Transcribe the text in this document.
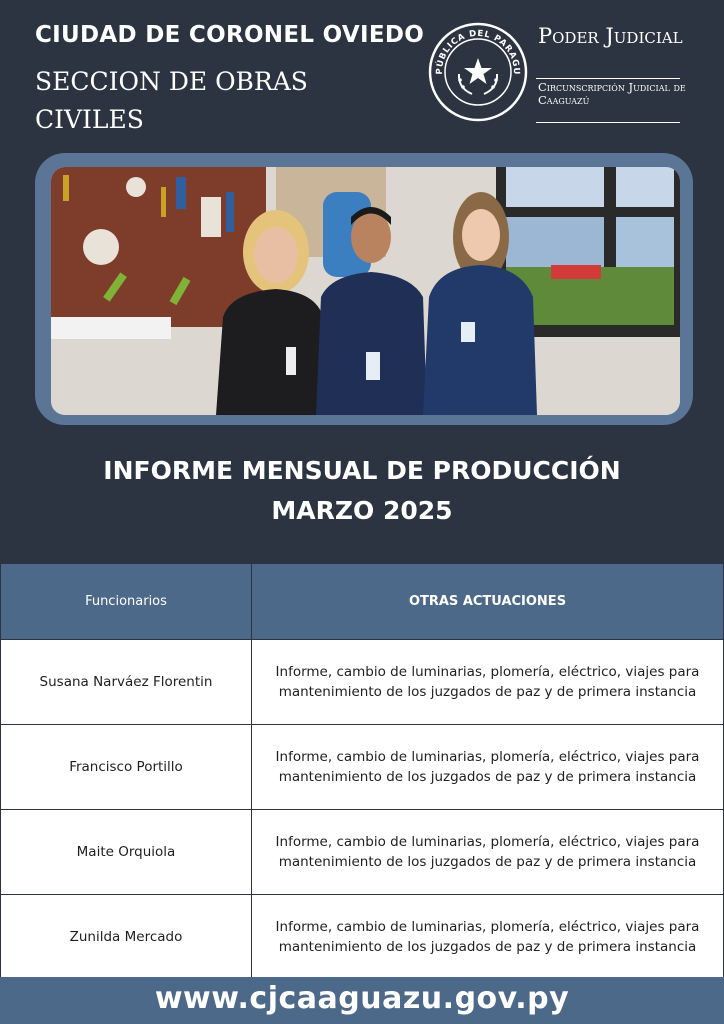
CIUDAD DE CORONEL OVIEDO
SECCION DE OBRAS CIVILES
PÚBLICA DEL PARAGU
Poder Judicial
Circunscripción Judicial de Caaguazú
INFORME MENSUAL DE PRODUCCIÓN
MARZO 2025
Funcionarios	OTRAS ACTUACIONES
Susana Narváez Florentin	Informe, cambio de luminarias, plomería, eléctrico, viajes para mantenimiento de los juzgados de paz y de primera instancia
Francisco Portillo	Informe, cambio de luminarias, plomería, eléctrico, viajes para mantenimiento de los juzgados de paz y de primera instancia
Maite Orquiola	Informe, cambio de luminarias, plomería, eléctrico, viajes para mantenimiento de los juzgados de paz y de primera instancia
Zunilda Mercado	Informe, cambio de luminarias, plomería, eléctrico, viajes para mantenimiento de los juzgados de paz y de primera instancia
www.cjcaaguazu.gov.py
